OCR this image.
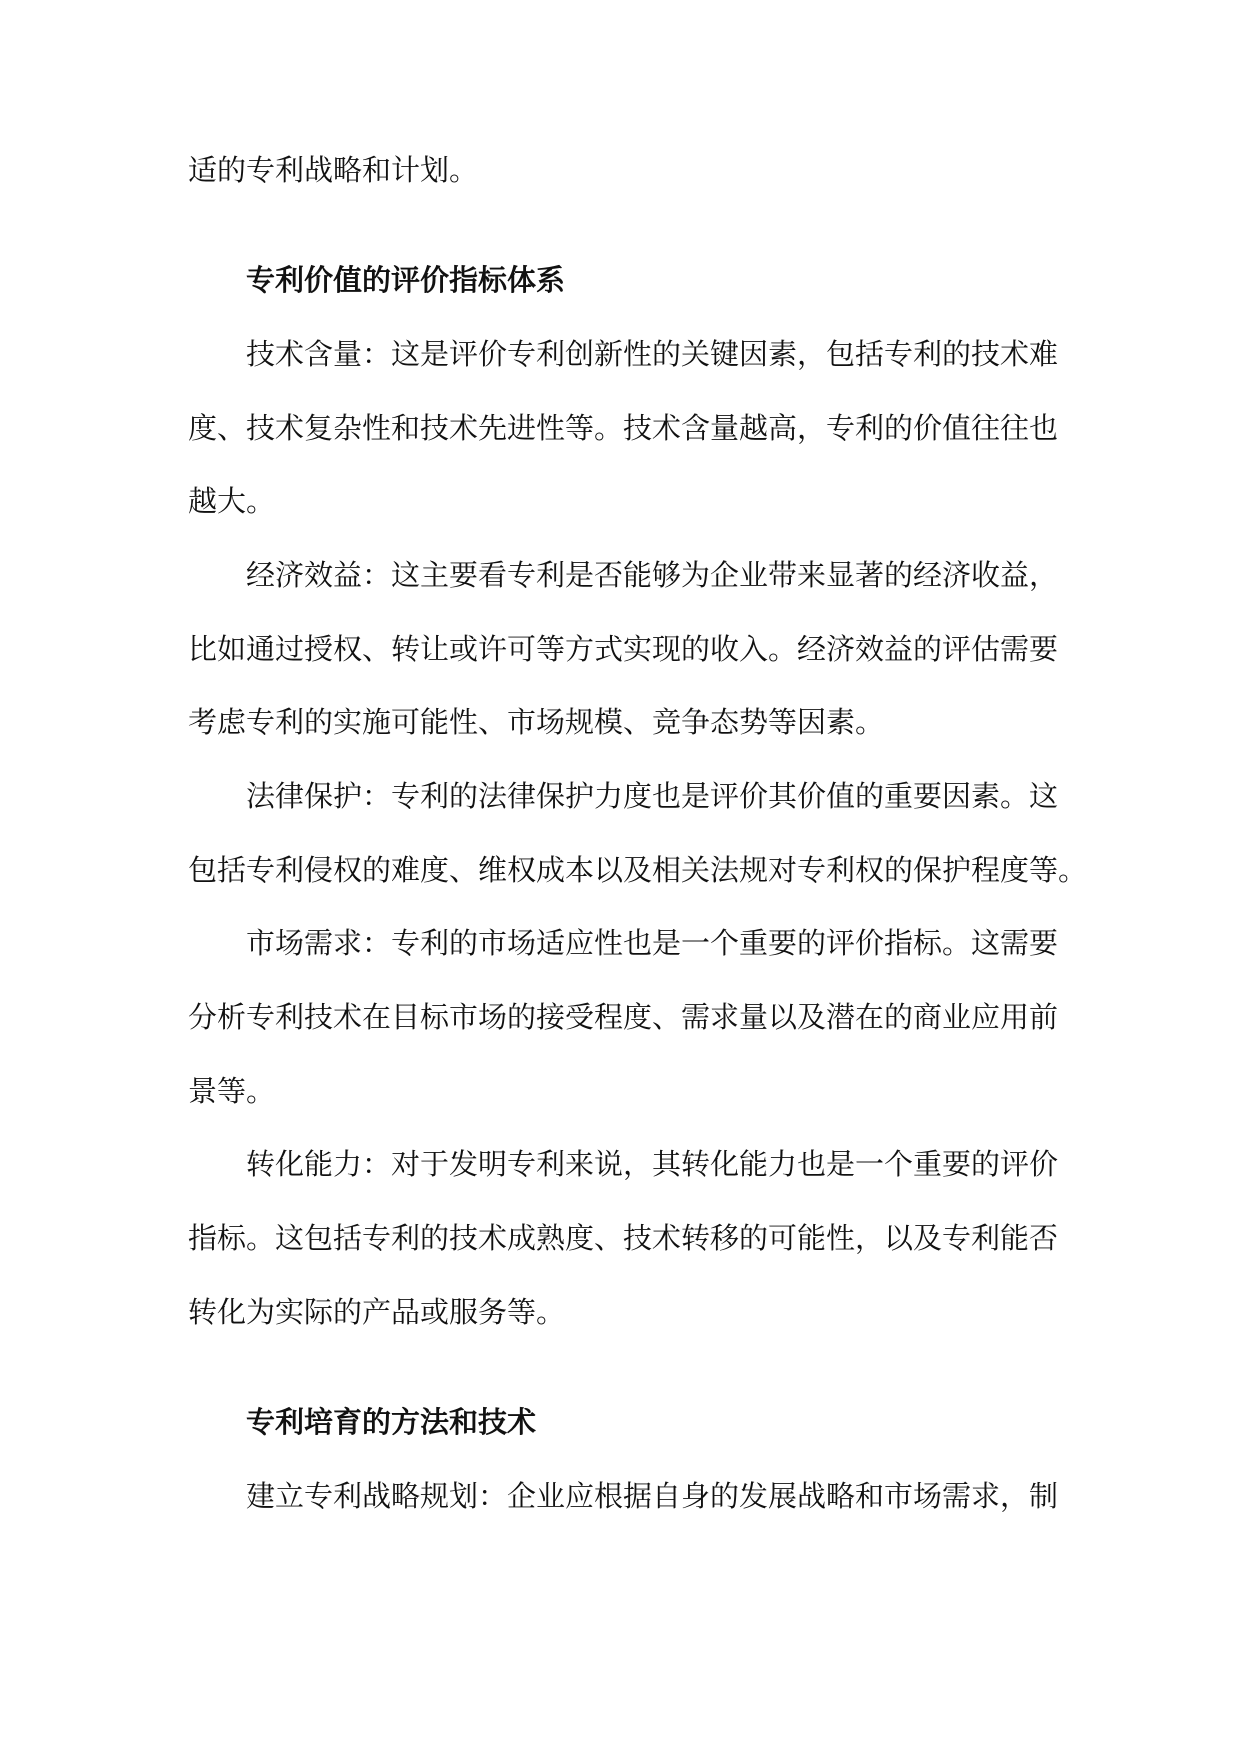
适的专利战略和计划。

专利价值的评价指标体系

技术含量：这是评价专利创新性的关键因素，包括专利的技术难

度、技术复杂性和技术先进性等。技术含量越高，专利的价值往往也

越大。

经济效益：这主要看专利是否能够为企业带来显著的经济收益，

比如通过授权、转让或许可等方式实现的收入。经济效益的评估需要

考虑专利的实施可能性、市场规模、竞争态势等因素。

法律保护：专利的法律保护力度也是评价其价值的重要因素。这

包括专利侵权的难度、维权成本以及相关法规对专利权的保护程度等。

市场需求：专利的市场适应性也是一个重要的评价指标。这需要

分析专利技术在目标市场的接受程度、需求量以及潜在的商业应用前

景等。

转化能力：对于发明专利来说，其转化能力也是一个重要的评价

指标。这包括专利的技术成熟度、技术转移的可能性，以及专利能否

转化为实际的产品或服务等。

专利培育的方法和技术

建立专利战略规划：企业应根据自身的发展战略和市场需求，制
